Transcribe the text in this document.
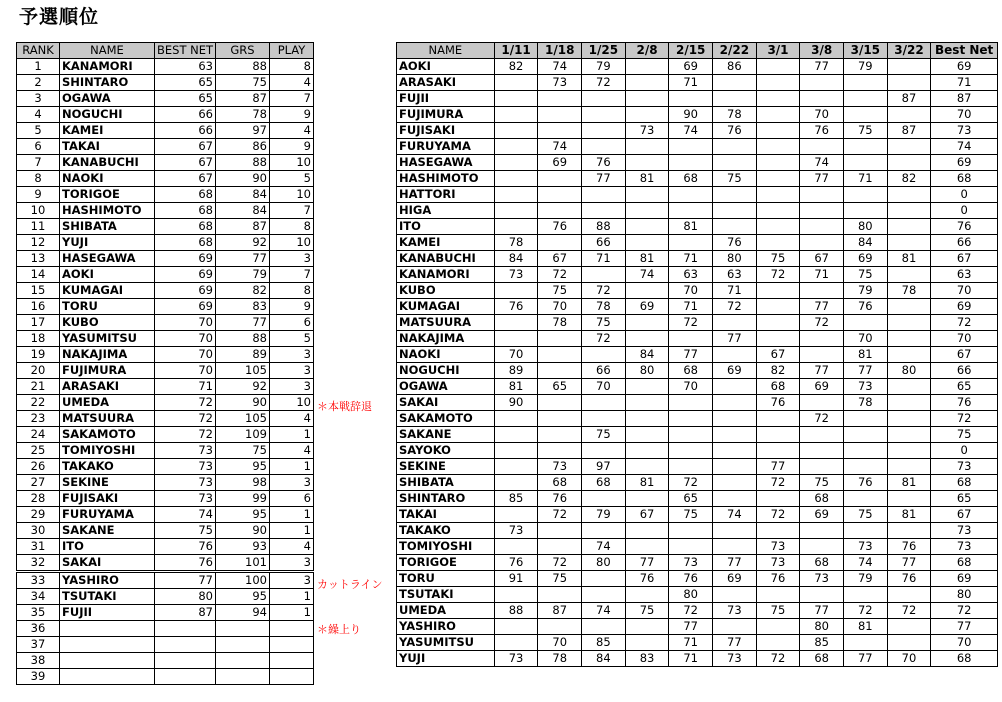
予選順位
RANK	NAME	BEST NET	GRS	PLAY
1	KANAMORI	63	88	8
2	SHINTARO	65	75	4
3	OGAWA	65	87	7
4	NOGUCHI	66	78	9
5	KAMEI	66	97	4
6	TAKAI	67	86	9
7	KANABUCHI	67	88	10
8	NAOKI	67	90	5
9	TORIGOE	68	84	10
10	HASHIMOTO	68	84	7
11	SHIBATA	68	87	8
12	YUJI	68	92	10
13	HASEGAWA	69	77	3
14	AOKI	69	79	7
15	KUMAGAI	69	82	8
16	TORU	69	83	9
17	KUBO	70	77	6
18	YASUMITSU	70	88	5
19	NAKAJIMA	70	89	3
20	FUJIMURA	70	105	3
21	ARASAKI	71	92	3
22	UMEDA	72	90	10
23	MATSUURA	72	105	4
24	SAKAMOTO	72	109	1
25	TOMIYOSHI	73	75	4
26	TAKAKO	73	95	1
27	SEKINE	73	98	3
28	FUJISAKI	73	99	6
29	FURUYAMA	74	95	1
30	SAKANE	75	90	1
31	ITO	76	93	4
32	SAKAI	76	101	3
33	YASHIRO	77	100	3
34	TSUTAKI	80	95	1
35	FUJII	87	94	1
36				
37				
38				
39				
＊本戦辞退
カットライン
＊繰上り
NAME	1/11	1/18	1/25	2/8	2/15	2/22	3/1	3/8	3/15	3/22	Best Net
AOKI	82	74	79		69	86		77	79		69
ARASAKI		73	72		71						71
FUJII										87	87
FUJIMURA					90	78		70			70
FUJISAKI				73	74	76		76	75	87	73
FURUYAMA		74									74
HASEGAWA		69	76					74			69
HASHIMOTO			77	81	68	75		77	71	82	68
HATTORI											0
HIGA											0
ITO		76	88		81				80		76
KAMEI	78		66			76			84		66
KANABUCHI	84	67	71	81	71	80	75	67	69	81	67
KANAMORI	73	72		74	63	63	72	71	75		63
KUBO		75	72		70	71			79	78	70
KUMAGAI	76	70	78	69	71	72		77	76		69
MATSUURA		78	75		72			72			72
NAKAJIMA			72			77			70		70
NAOKI	70			84	77		67		81		67
NOGUCHI	89		66	80	68	69	82	77	77	80	66
OGAWA	81	65	70		70		68	69	73		65
SAKAI	90						76		78		76
SAKAMOTO								72			72
SAKANE			75								75
SAYOKO											0
SEKINE		73	97				77				73
SHIBATA		68	68	81	72		72	75	76	81	68
SHINTARO	85	76			65			68			65
TAKAI		72	79	67	75	74	72	69	75	81	67
TAKAKO	73										73
TOMIYOSHI			74				73		73	76	73
TORIGOE	76	72	80	77	73	77	73	68	74	77	68
TORU	91	75		76	76	69	76	73	79	76	69
TSUTAKI					80						80
UMEDA	88	87	74	75	72	73	75	77	72	72	72
YASHIRO					77			80	81		77
YASUMITSU		70	85		71	77		85			70
YUJI	73	78	84	83	71	73	72	68	77	70	68
